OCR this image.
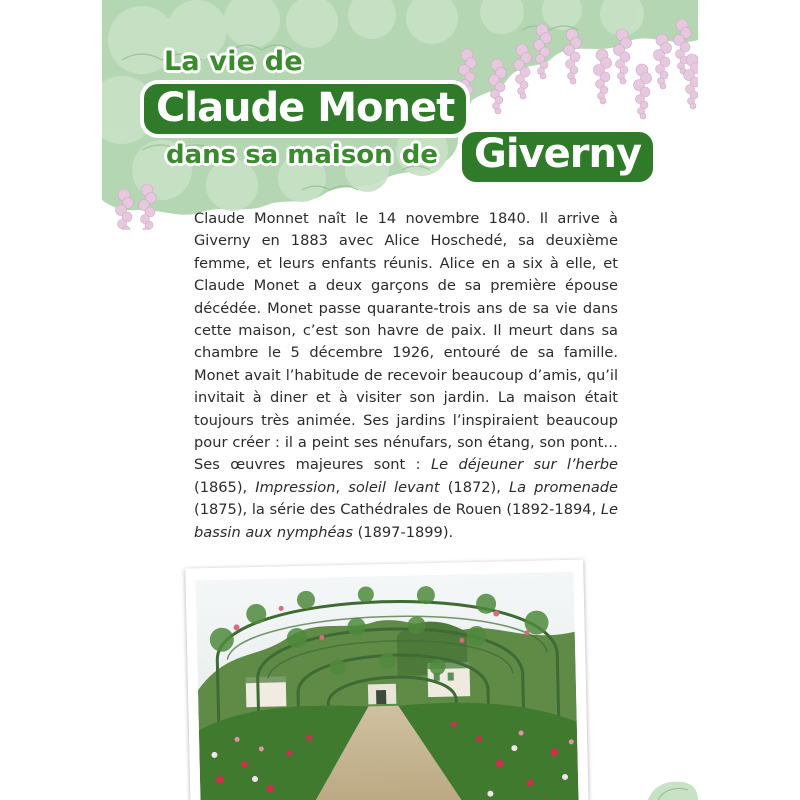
La vie de
Claude Monet
dans sa maison de Giverny
Claude Monnet naît le 14 novembre 1840. Il arrive à Giverny en 1883 avec Alice Hoschedé, sa deuxième femme, et leurs enfants réunis. Alice en a six à elle, et Claude Monet a deux garçons de sa première épouse décédée. Monet passe quarante-trois ans de sa vie dans cette maison, c’est son havre de paix. Il meurt dans sa chambre le 5 décembre 1926, entouré de sa famille. Monet avait l’habitude de recevoir beaucoup d’amis, qu’il invitait à diner et à visiter son jardin. La maison était toujours très animée. Ses jardins l’inspiraient beaucoup pour créer : il a peint ses nénufars, son étang, son pont… Ses œuvres majeures sont : Le déjeuner sur l’herbe (1865), Impression, soleil levant (1872), La promenade (1875), la série des Cathédrales de Rouen (1892-1894, Le bassin aux nymphéas (1897-1899).
